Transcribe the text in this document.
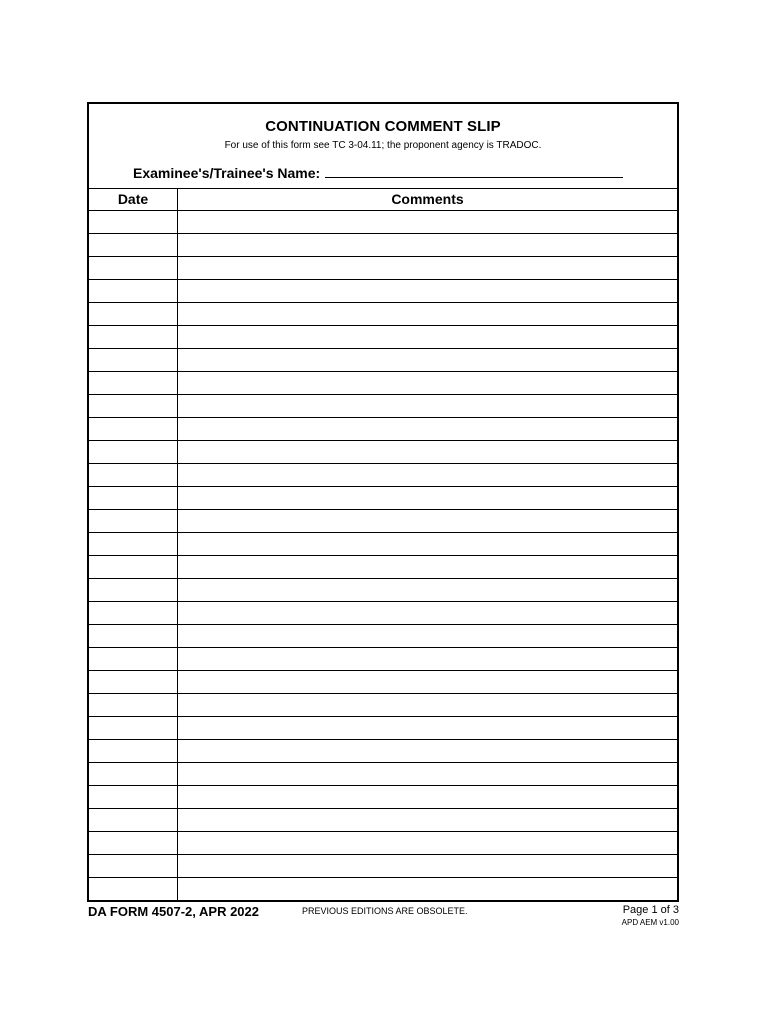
CONTINUATION COMMENT SLIP
For use of this form see TC 3-04.11; the proponent agency is TRADOC.
Examinee's/Trainee's Name:
Date	Comments
DA FORM 4507-2, APR 2022	PREVIOUS EDITIONS ARE OBSOLETE.	Page 1 of 3
APD AEM v1.00
